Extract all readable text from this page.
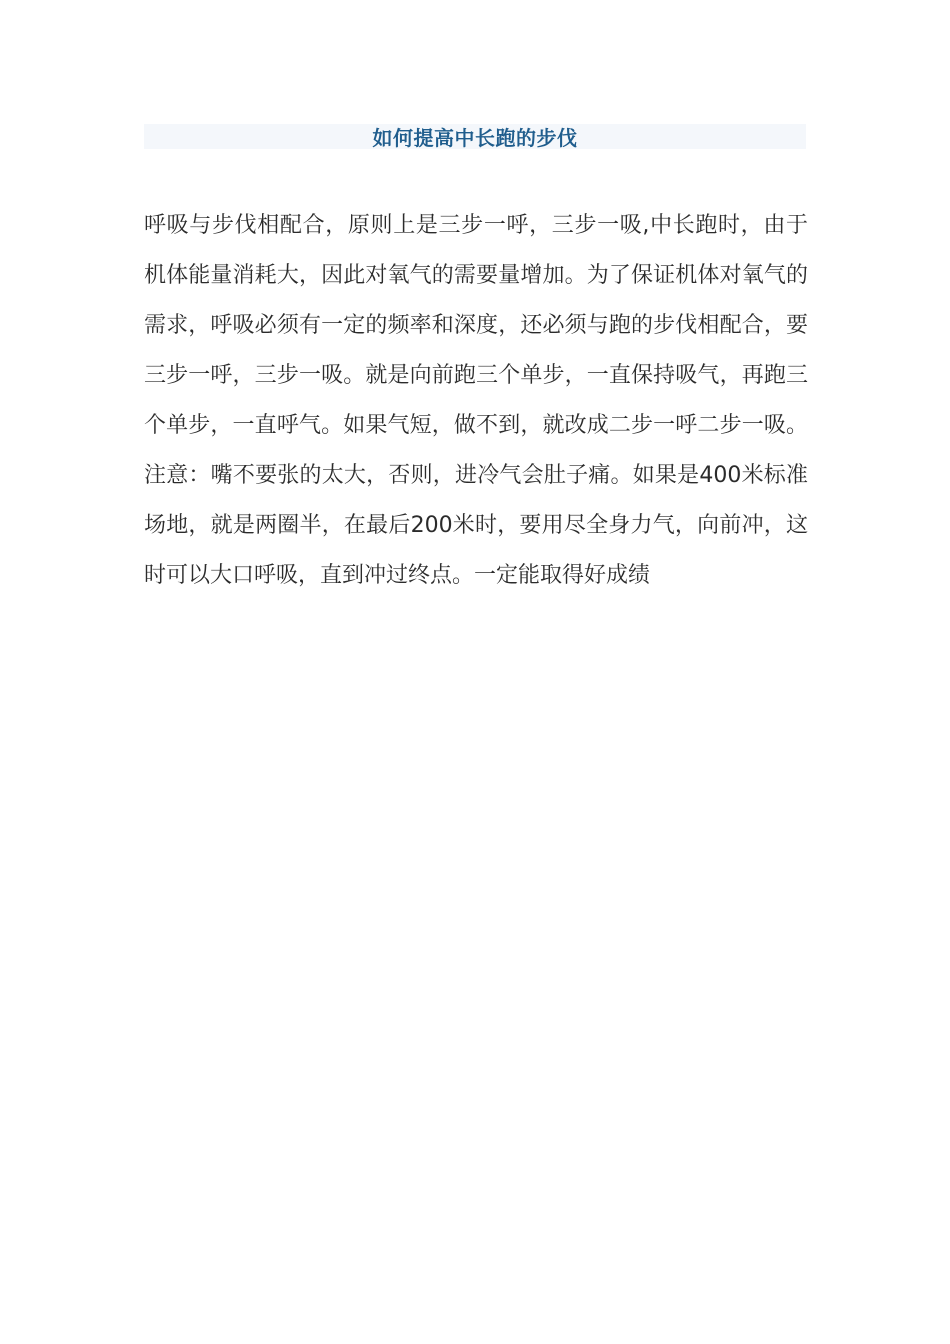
如何提高中长跑的步伐

呼吸与步伐相配合，原则上是三步一呼，三步一吸,中长跑时，由于机体能量消耗大，因此对氧气的需要量增加。为了保证机体对氧气的需求，呼吸必须有一定的频率和深度，还必须与跑的步伐相配合，要三步一呼，三步一吸。就是向前跑三个单步，一直保持吸气，再跑三个单步，一直呼气。如果气短，做不到，就改成二步一呼二步一吸。注意：嘴不要张的太大，否则，进冷气会肚子痛。如果是400米标准场地，就是两圈半，在最后200米时，要用尽全身力气，向前冲，这时可以大口呼吸，直到冲过终点。一定能取得好成绩
